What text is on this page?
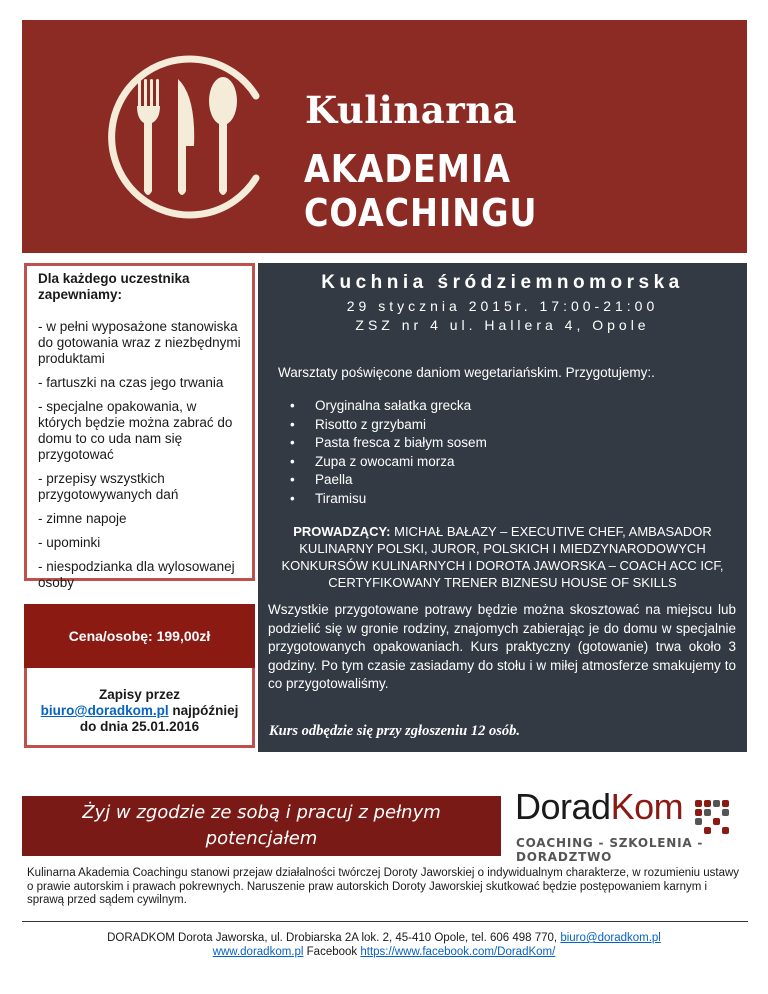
Kulinarna
AKADEMIA COACHINGU
Dla każdego uczestnika zapewniamy:
- w pełni wyposażone stanowiska do gotowania wraz z niezbędnymi produktami
- fartuszki na czas jego trwania
- specjalne opakowania, w których będzie można zabrać do domu to co uda nam się przygotować
- przepisy wszystkich przygotowywanych dań
- zimne napoje
- upominki
- niespodzianka dla wylosowanej osoby
Cena/osobę: 199,00zł
Zapisy przez
biuro@doradkom.pl najpóźniej
do dnia 25.01.2016
Kuchnia śródziemnomorska
29 stycznia 2015r. 17:00-21:00
ZSZ nr 4 ul. Hallera 4, Opole
Warsztaty poświęcone daniom wegetariańskim. Przygotujemy:.
• Oryginalna sałatka grecka
• Risotto z grzybami
• Pasta fresca z białym sosem
• Zupa z owocami morza
• Paella
• Tiramisu
PROWADZĄCY: MICHAŁ BAŁAZY – EXECUTIVE CHEF, AMBASADOR KULINARNY POLSKI, JUROR, POLSKICH I MIEDZYNARODOWYCH KONKURSÓW KULINARNYCH I DOROTA JAWORSKA – COACH ACC ICF, CERTYFIKOWANY TRENER BIZNESU HOUSE OF SKILLS
Wszystkie przygotowane potrawy będzie można skosztować na miejscu lub podzielić się w gronie rodziny, znajomych zabierając je do domu w specjalnie przygotowanych opakowaniach. Kurs praktyczny (gotowanie) trwa około 3 godziny. Po tym czasie zasiadamy do stołu i w miłej atmosferze smakujemy to co przygotowaliśmy.
Kurs odbędzie się przy zgłoszeniu 12 osób.
Żyj w zgodzie ze sobą i pracuj z pełnym
potencjałem
DoradKom
COACHING - SZKOLENIA - DORADZTWO
Kulinarna Akademia Coachingu stanowi przejaw działalności twórczej Doroty Jaworskiej o indywidualnym charakterze, w rozumieniu ustawy o prawie autorskim i prawach pokrewnych. Naruszenie praw autorskich Doroty Jaworskiej skutkować będzie postępowaniem karnym i sprawą przed sądem cywilnym.
DORADKOM Dorota Jaworska, ul. Drobiarska 2A lok. 2, 45-410 Opole, tel. 606 498 770, biuro@doradkom.pl
www.doradkom.pl Facebook https://www.facebook.com/DoradKom/
